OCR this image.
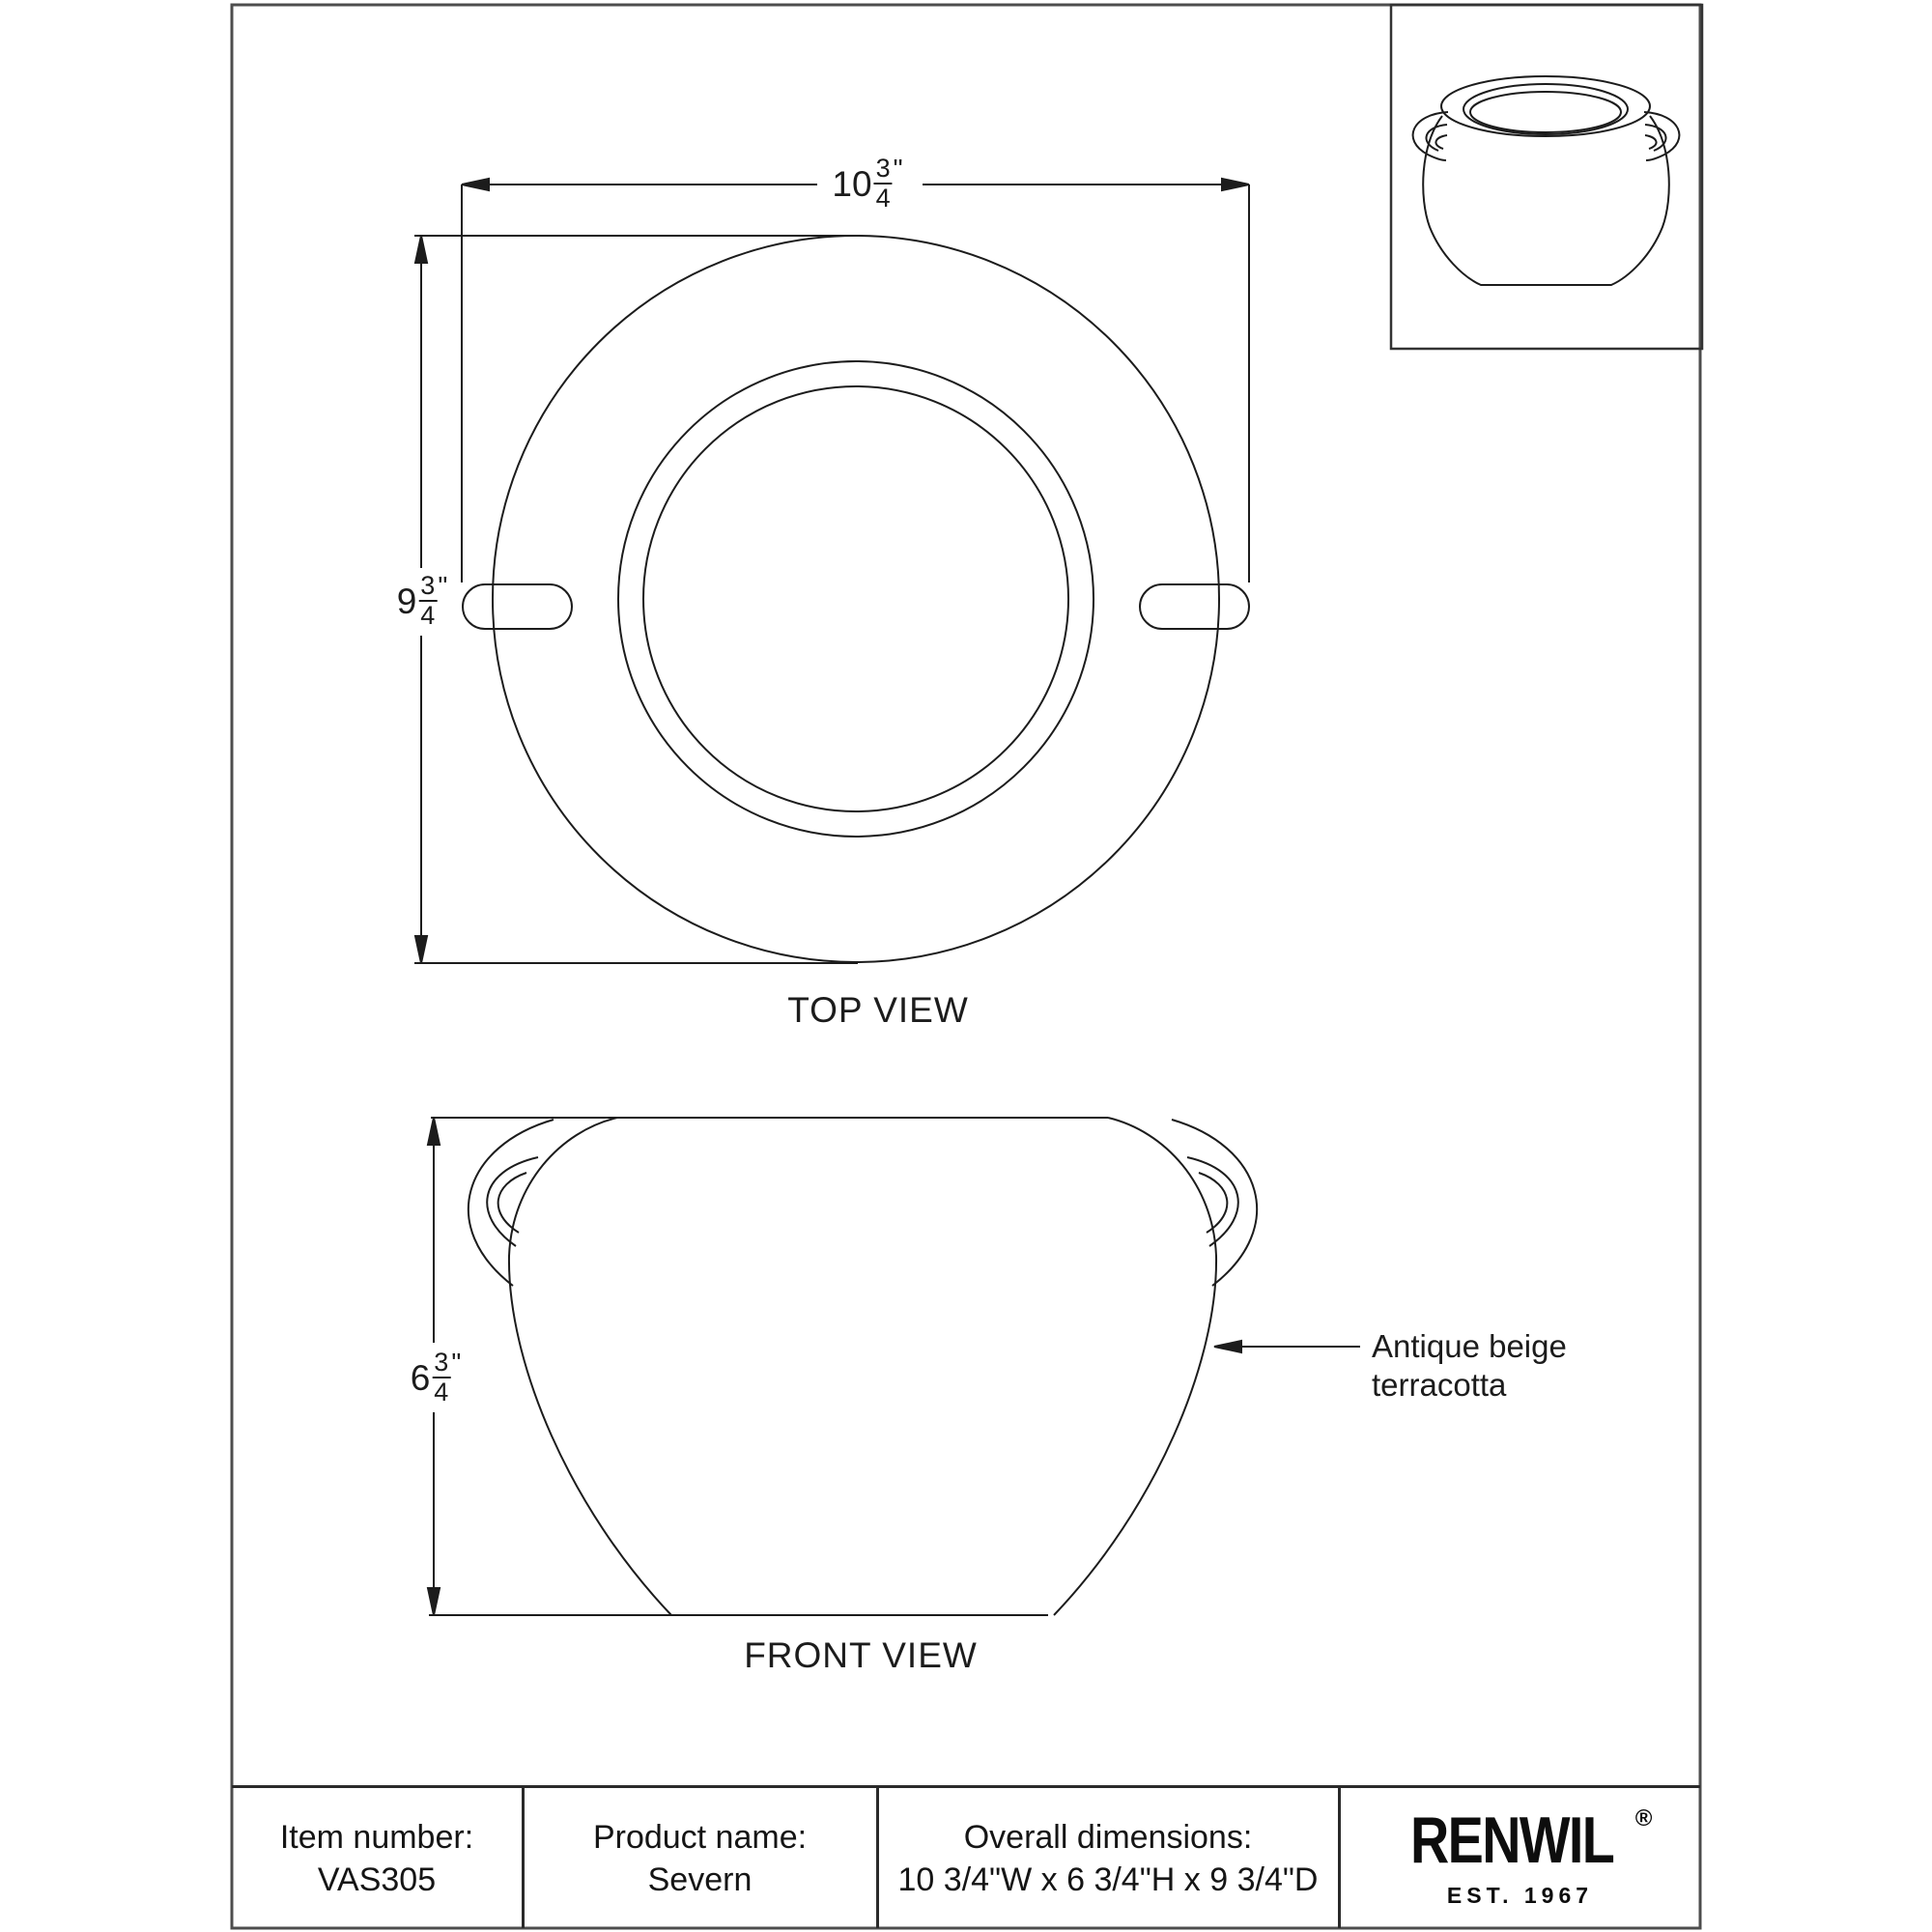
$10 \frac{3}{4}$ "
$9 \frac{3}{4}$ "
$6 \frac{3}{4}$ "
TOP VIEW
FRONT VIEW
Antique beige
terracotta
Item number:
VAS305
Product name:
Severn
Overall dimensions:
10 3/4"W x 6 3/4"H x 9 3/4"D
RENWIL ®
EST. 1967
